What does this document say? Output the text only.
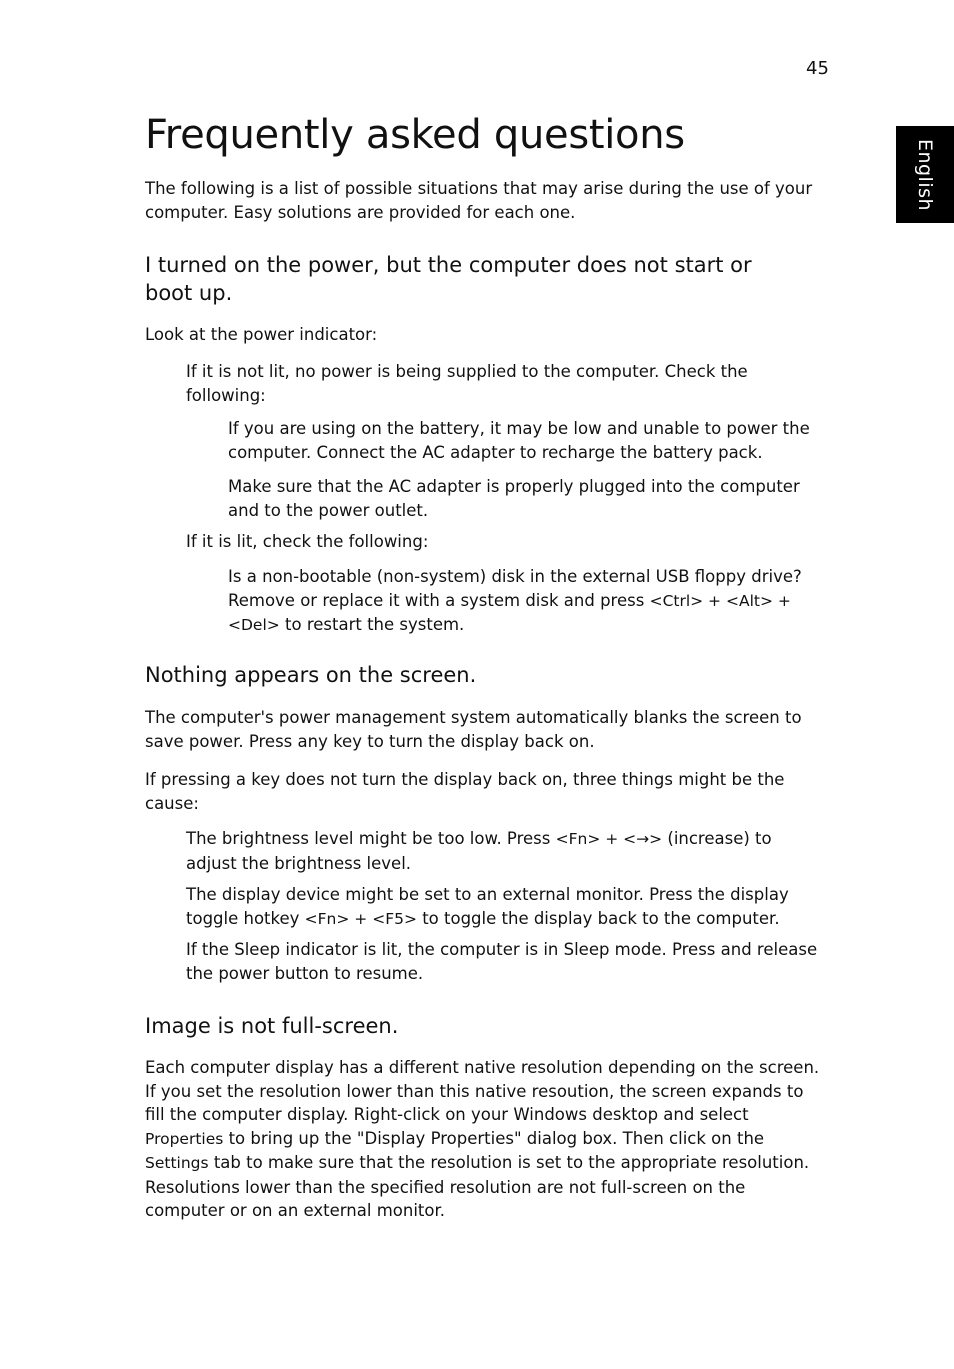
45
English
Frequently asked questions

The following is a list of possible situations that may arise during the use of your computer. Easy solutions are provided for each one.

I turned on the power, but the computer does not start or boot up.

Look at the power indicator:

If it is not lit, no power is being supplied to the computer. Check the following:

If you are using on the battery, it may be low and unable to power the computer. Connect the AC adapter to recharge the battery pack.

Make sure that the AC adapter is properly plugged into the computer and to the power outlet.

If it is lit, check the following:

Is a non-bootable (non-system) disk in the external USB floppy drive? Remove or replace it with a system disk and press <Ctrl> + <Alt> + <Del> to restart the system.

Nothing appears on the screen.

The computer's power management system automatically blanks the screen to save power. Press any key to turn the display back on.

If pressing a key does not turn the display back on, three things might be the cause:

The brightness level might be too low. Press <Fn> + <→> (increase) to adjust the brightness level.

The display device might be set to an external monitor. Press the display toggle hotkey <Fn> + <F5> to toggle the display back to the computer.

If the Sleep indicator is lit, the computer is in Sleep mode. Press and release the power button to resume.

Image is not full-screen.

Each computer display has a different native resolution depending on the screen. If you set the resolution lower than this native resoution, the screen expands to fill the computer display. Right-click on your Windows desktop and select Properties to bring up the "Display Properties" dialog box. Then click on the Settings tab to make sure that the resolution is set to the appropriate resolution. Resolutions lower than the specified resolution are not full-screen on the computer or on an external monitor.
